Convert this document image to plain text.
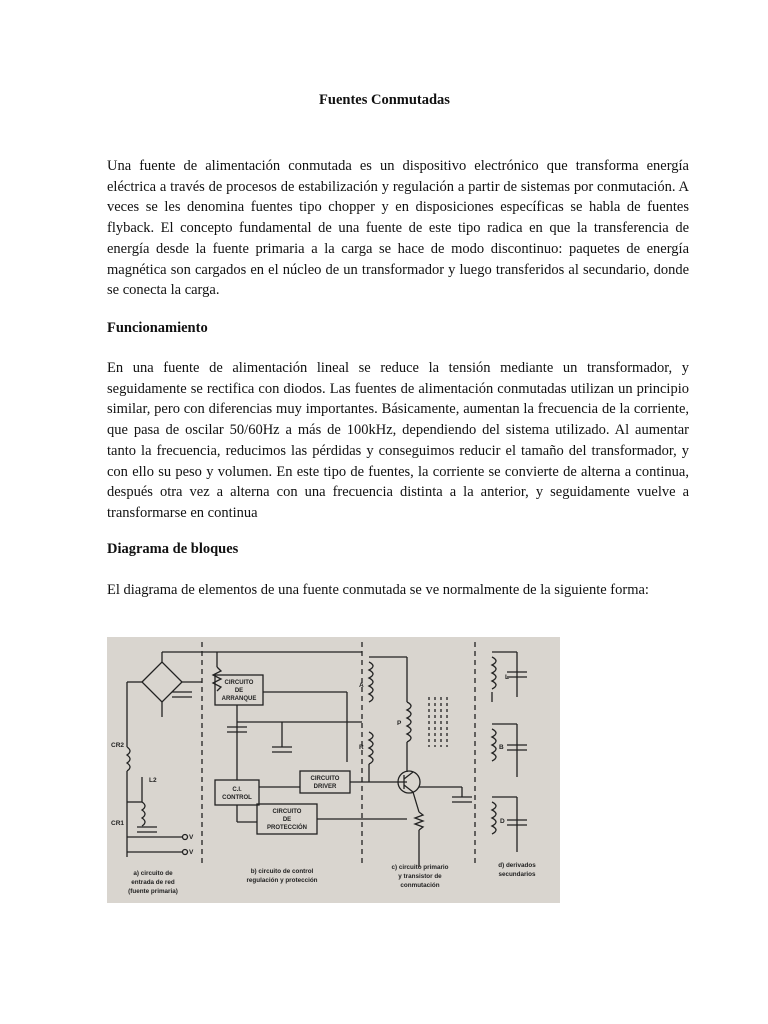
Fuentes Conmutadas

Una fuente de alimentación conmutada es un dispositivo electrónico que transforma energía eléctrica a través de procesos de estabilización y regulación a partir de sistemas por conmutación. A veces se les denomina fuentes tipo chopper y en disposiciones específicas se habla de fuentes flyback. El concepto fundamental de una fuente de este tipo radica en que la transferencia de energía desde la fuente primaria a la carga se hace de modo discontinuo: paquetes de energía magnética son cargados en el núcleo de un transformador y luego transferidos al secundario, donde se conecta la carga.

Funcionamiento

En una fuente de alimentación lineal se reduce la tensión mediante un transformador, y seguidamente se rectifica con diodos. Las fuentes de alimentación conmutadas utilizan un principio similar, pero con diferencias muy importantes. Básicamente, aumentan la frecuencia de la corriente, que pasa de oscilar 50/60Hz a más de 100kHz, dependiendo del sistema utilizado. Al aumentar tanto la frecuencia, reducimos las pérdidas y conseguimos reducir el tamaño del transformador, y con ello su peso y volumen. En este tipo de fuentes, la corriente se convierte de alterna a continua, después otra vez a alterna con una frecuencia distinta a la anterior, y seguidamente vuelve a transformarse en continua

Diagrama de bloques

El diagrama de elementos de una fuente conmutada se ve normalmente de la siguiente forma:

CIRCUITO
DE
ARRANQUE
C.I.
CONTROL
CIRCUITO
DRIVER
CIRCUITO
DE
PROTECCIÓN
A
P
R
L
B
D
CR2
L2
CR1
V
V
a) circuito de
entrada de red
(fuente primaria)
b) circuito de control
regulación y protección
c) circuito primario
y transistor de
conmutación
d) derivados
secundarios
